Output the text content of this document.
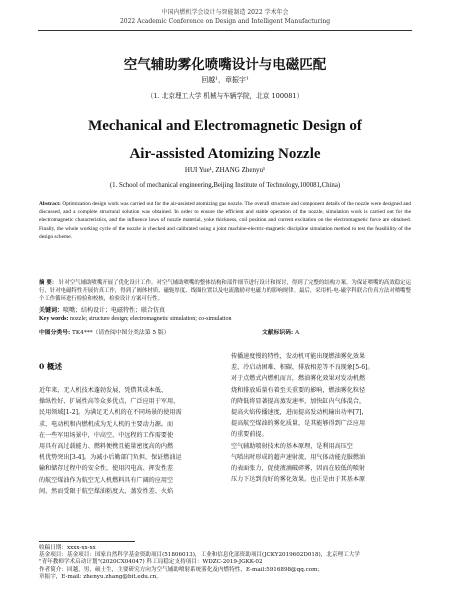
中国内燃机学会设计与智能制造 2022 学术年会
2022 Academic Conference on Design and Intelligent Manufacturing
空气辅助雾化喷嘴设计与电磁匹配
回越¹，章振宇¹
（1. 北京理工大学 机械与车辆学院，北京 100081）
Mechanical and Electromagnetic Design of
Air-assisted Atomizing Nozzle
HUI Yue¹, ZHANG Zhenyu¹
(1. School of mechanical engineering,Beijing Institute of Technology,100081,China)
Abstract: Optimization design work was carried out for the air-assisted atomizing gas nozzle. The overall structure and component details of the nozzle were designed and discussed, and a complete structural solution was obtained. In order to ensure the efficient and stable operation of the nozzle, simulation work is carried out for the electromagnetic characteristics, and the influence laws of nozzle material, yoke thickness, coil position and current excitation on the electromagnetic force are obtained. Finally, the whole working cycle of the nozzle is checked and calibrated using a joint machine-electric-magnetic discipline simulation method to test the feasibility of the design scheme.
摘 要： 针对空气辅助喷嘴开展了优化设计工作。对空气辅助喷嘴的整体结构和部件细节进行设计和探讨，得到了完整的结构方案。为保证喷嘴的高效稳定运行，针对电磁特性开展仿真工作，得到了阀体材质、磁轭厚度、线圈位置以及电流激励对电磁力的影响规律。最后，采用机-电-磁学科联合仿真方法对喷嘴整个工作循环进行检验和校核，检验设计方案可行性。
关键词：喷嘴；结构设计；电磁特性；联合仿真
Key words: nozzle; structure design; electromagnetic simulation; co-simulation
中图分类号: TK4***（请查阅中图分类法第 5 版）	文献标识码: A
0 概述
近年来，无人机技术蓬勃发展，凭借其成本低、
操纵性好、扩展性高等众多优点，广泛应用于军用、
民用领域[1-2]。为满足无人机的在不同场景的使用需
求，电动机和内燃机成为无人机的主要动力源。而
在一些军用场景中，中高空、中远程的工作需要使
用具有高过载能力、燃料便携且能量密度高的内燃
机优势突出[3-4]。为减小后勤部门负担，保证燃油运
输和储存过程中的安全性，使用闪电高、挥发性差
的航空煤油作为航空无人机燃料具有广阔的应用空
间，然而受限于航空煤油粘度大、蒸发性差、火焰
传播速度慢的特性，发动机可能出现燃油雾化效果
差、冷启动困难、积碳、排放相差等不良现象[5-6]。
对于点燃式内燃机而言，燃油雾化效果对发动机燃
烧和排放质量有着至关重要的影响，燃油雾化粒径
的降低将显著提高蒸发速率，加快缸内气体混合，
提高火焰传播速度，进而提高发动机输出功率[7]，
提高航空煤油的雾化质量，是其能够得到广泛应用
的重要前提。
空气辅助喷射技术的基本原理，是利用高压空
气喷出时形成的超声速射流，用气体动能克服燃油
的表面张力，促使液滴破碎雾，因而在较低的喷射
压力下达到良好的雾化效果。也正是由于其基本原
收稿日期：xxxx-xx-xx
基金项目：基金项目：国家自然科学基金资助项目(51806013)，工业和信息化部资助项目(JCKY2019602D018)，北京理工大学
"青年教师学术启动计划"(2020CX04047) 科工局稳定支持项目：WDZC-2019-JGKK-02
作者简介：回越，男，硕士生，主要研究方向为空气辅助喷射系统雾化及内燃特性，E-mail:5916898@qq.com；
章振宇，E-mail: zhenyu.zhang@bit.edu.cn。
